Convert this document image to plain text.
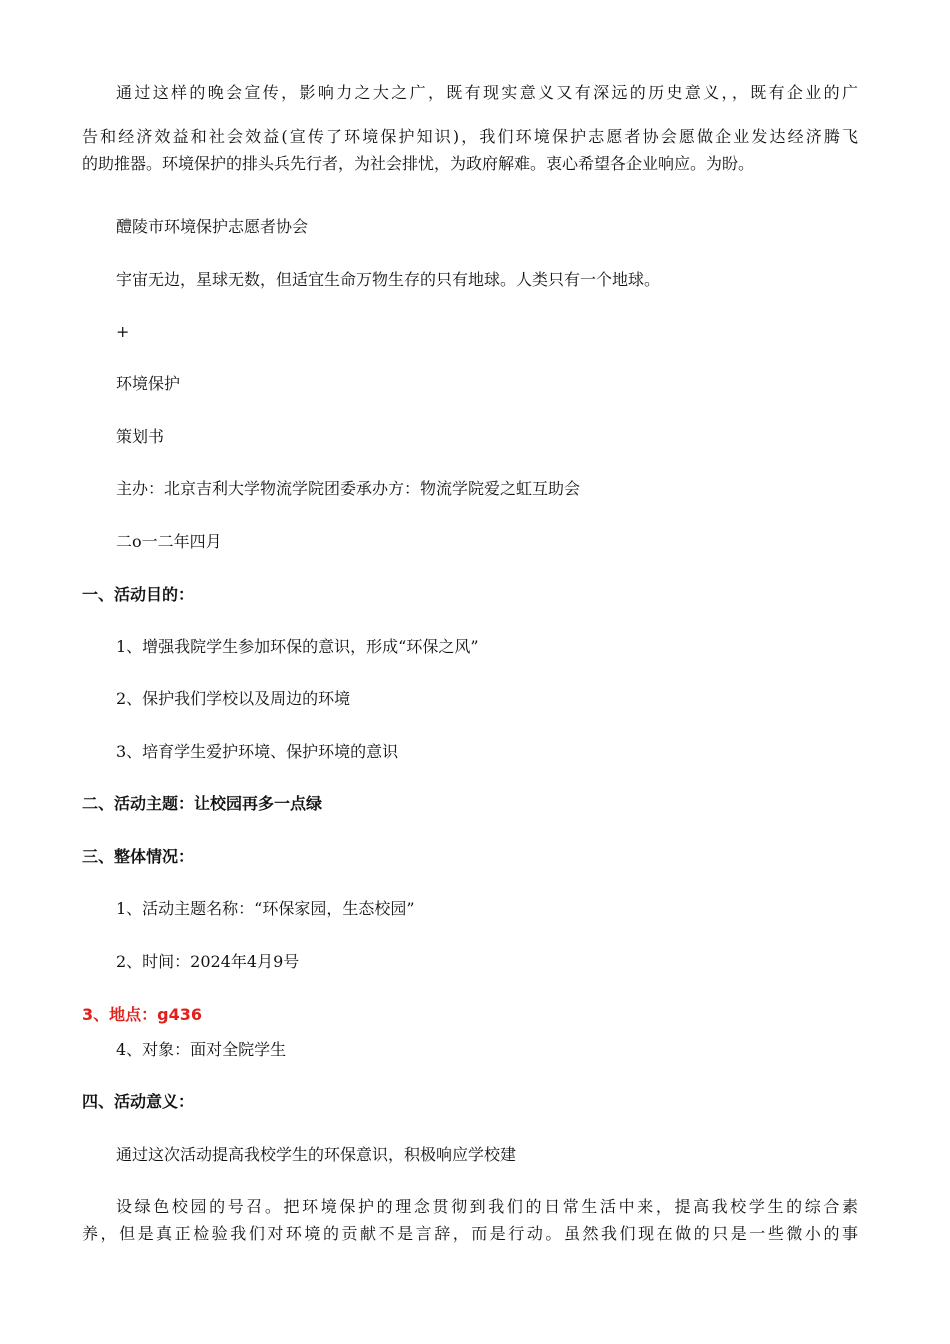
通过这样的晚会宣传，影响力之大之广，既有现实意义又有深远的历史意义，，既有企业的广
告和经济效益和社会效益(宣传了环境保护知识)，我们环境保护志愿者协会愿做企业发达经济腾飞
的助推器。环境保护的排头兵先行者，为社会排忧，为政府解难。衷心希望各企业响应。为盼。
醴陵市环境保护志愿者协会
宇宙无边，星球无数，但适宜生命万物生存的只有地球。人类只有一个地球。
+
环境保护
策划书
主办：北京吉利大学物流学院团委承办方：物流学院爱之虹互助会
二o一二年四月
一、活动目的：
1、增强我院学生参加环保的意识，形成“环保之风”
2、保护我们学校以及周边的环境
3、培育学生爱护环境、保护环境的意识
二、活动主题：让校园再多一点绿
三、整体情况：
1、活动主题名称：“环保家园，生态校园”
2、时间：2024年4月9号
3、地点：g436
4、对象：面对全院学生
四、活动意义：
通过这次活动提高我校学生的环保意识，积极响应学校建
设绿色校园的号召。把环境保护的理念贯彻到我们的日常生活中来，提高我校学生的综合素
养，但是真正检验我们对环境的贡献不是言辞，而是行动。虽然我们现在做的只是一些微小的事
